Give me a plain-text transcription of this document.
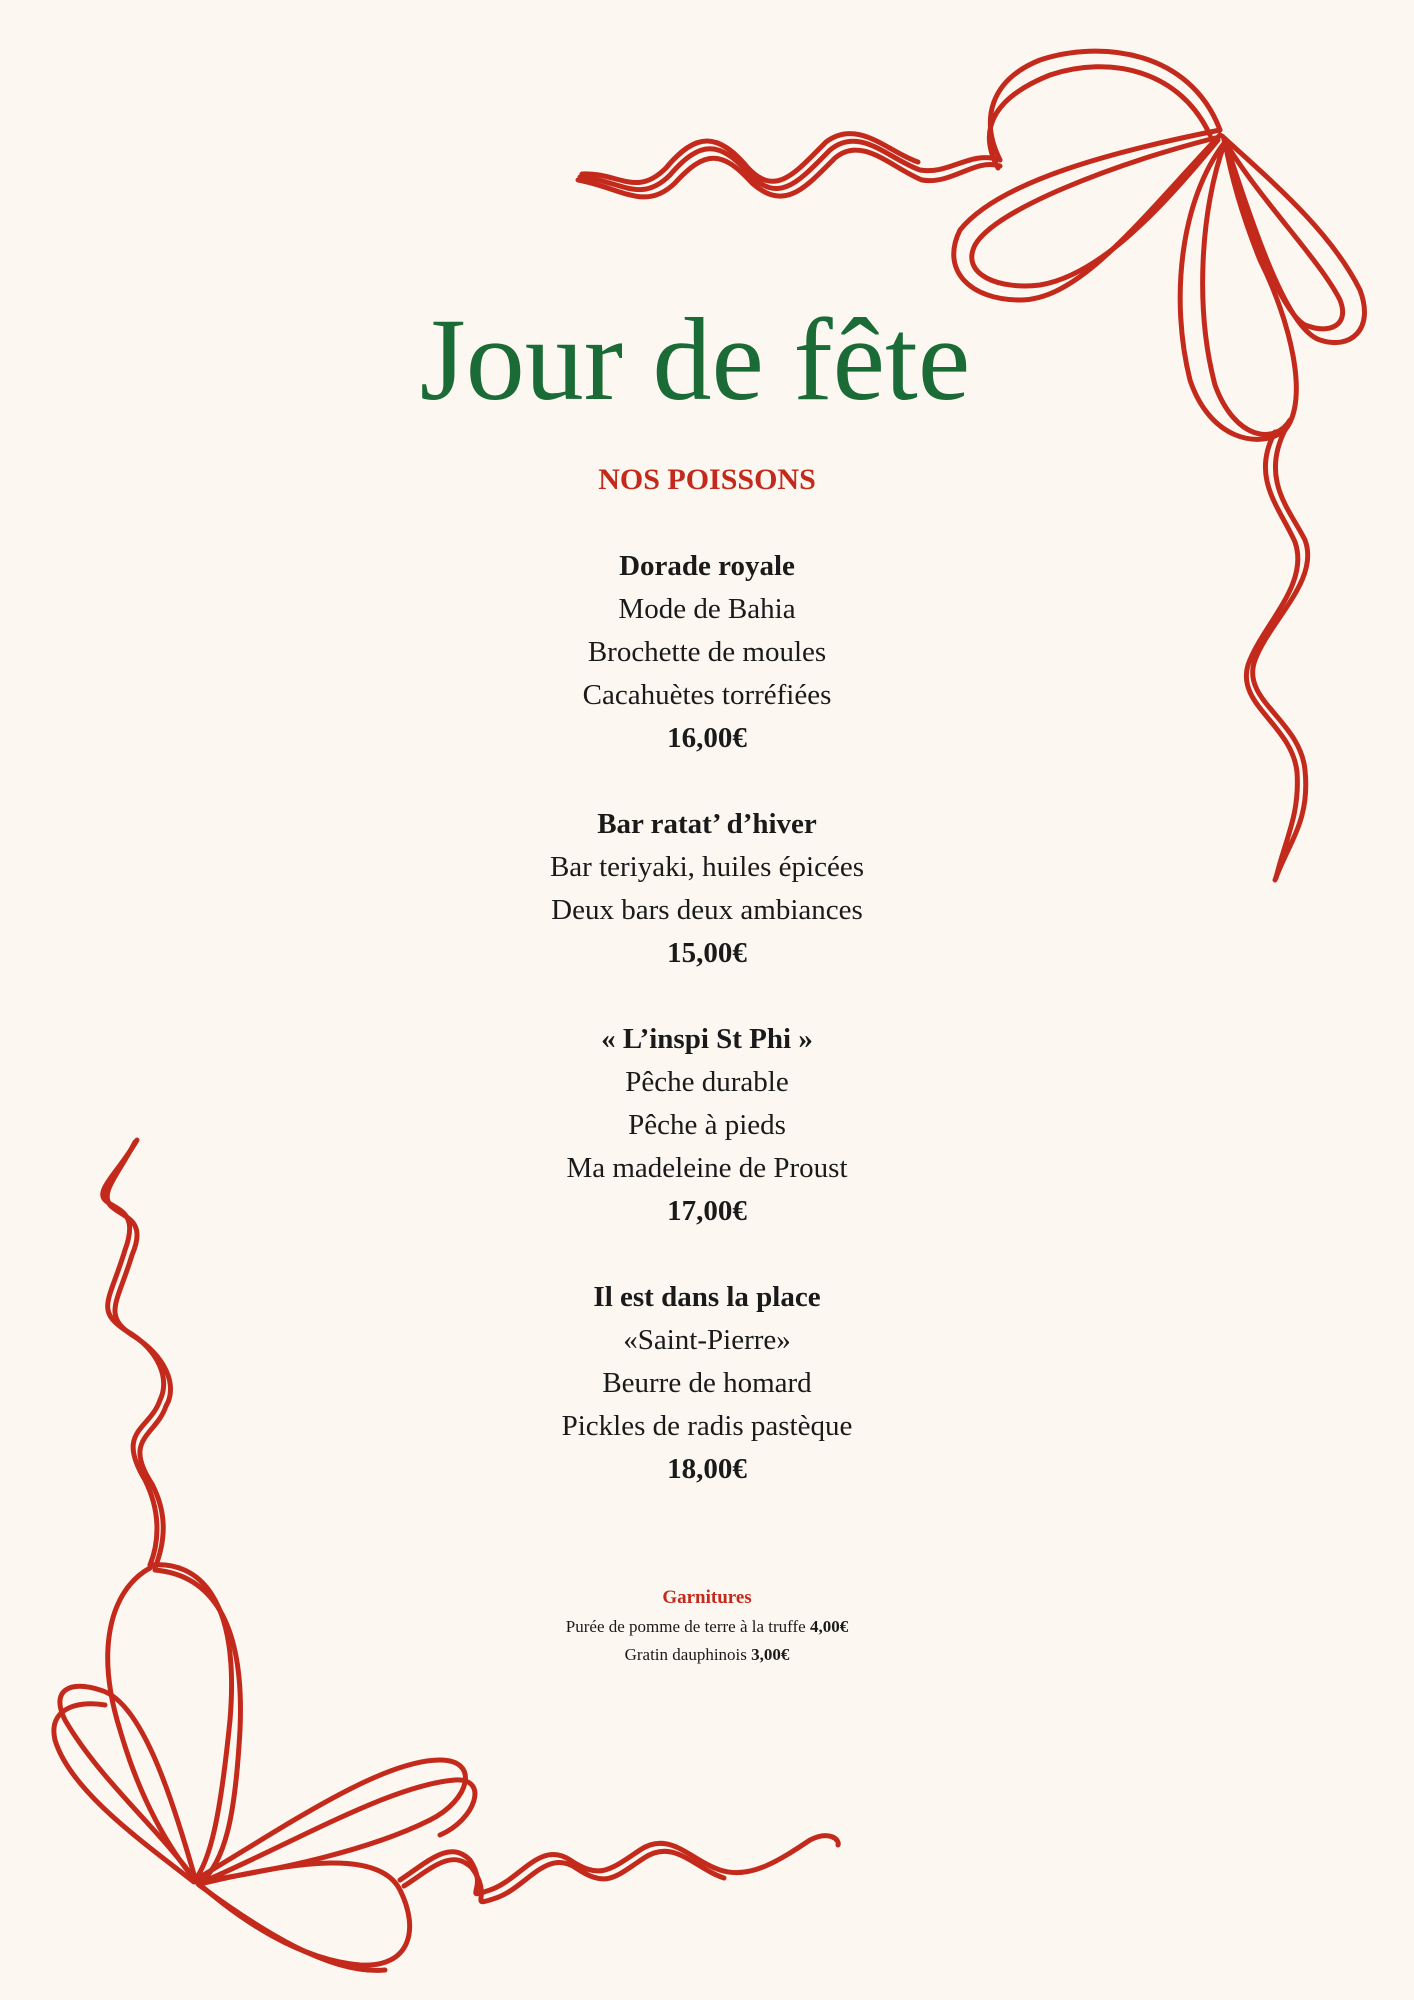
Jour de fête
NOS POISSONS
Dorade royale
Mode de Bahia
Brochette de moules
Cacahuètes torréfiées
16,00€
Bar ratat’ d’hiver
Bar teriyaki, huiles épicées
Deux bars deux ambiances
15,00€
« L’inspi St Phi »
Pêche durable
Pêche à pieds
Ma madeleine de Proust
17,00€
Il est dans la place
«Saint-Pierre»
Beurre de homard
Pickles de radis pastèque
18,00€
Garnitures
Purée de pomme de terre à la truffe 4,00€
Gratin dauphinois 3,00€
